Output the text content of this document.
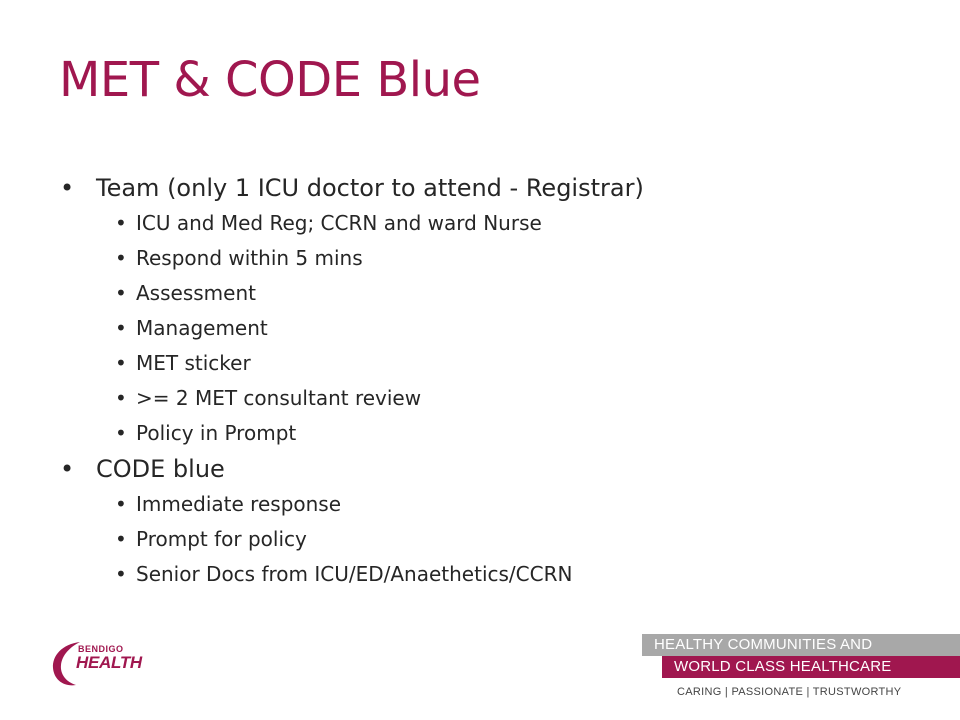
MET & CODE Blue
• Team (only 1 ICU doctor to attend - Registrar)
• ICU and Med Reg; CCRN and ward Nurse
• Respond within 5 mins
• Assessment
• Management
• MET sticker
• >= 2 MET consultant review
• Policy in Prompt
• CODE blue
• Immediate response
• Prompt for policy
• Senior Docs from ICU/ED/Anaethetics/CCRN
BENDIGO
HEALTH
HEALTHY COMMUNITIES AND
WORLD CLASS HEALTHCARE
CARING | PASSIONATE | TRUSTWORTHY
